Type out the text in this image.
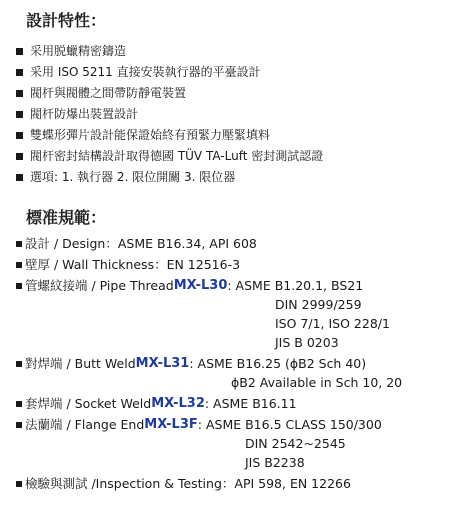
設計特性：
采用脱蠟精密鑄造
采用 ISO 5211 直接安裝執行器的平臺設計
閥杆與閥體之間帶防靜電裝置
閥杆防爆出裝置設計
雙蝶形彈片設計能保證始終有預緊力壓緊填料
閥杆密封結構設計取得德國 TÜV TA-Luft 密封測試認證
選項: 1. 執行器 2. 限位開關 3. 限位器
標准規範：
設計 / Design： ASME B16.34, API 608
壁厚 / Wall Thickness： EN 12516-3
管螺紋接端 / Pipe Thread MX-L30 : ASME B1.20.1, BS21
DIN 2999/259
ISO 7/1, ISO 228/1
JIS B 0203
對焊端 / Butt Weld MX-L31 : ASME B16.25 (ϕB2 Sch 40)
ϕB2 Available in Sch 10, 20
套焊端 / Socket Weld MX-L32 : ASME B16.11
法蘭端 / Flange End MX-L3F : ASME B16.5 CLASS 150/300
DIN 2542~2545
JIS B2238
檢驗與測試 /Inspection & Testing： API 598, EN 12266
